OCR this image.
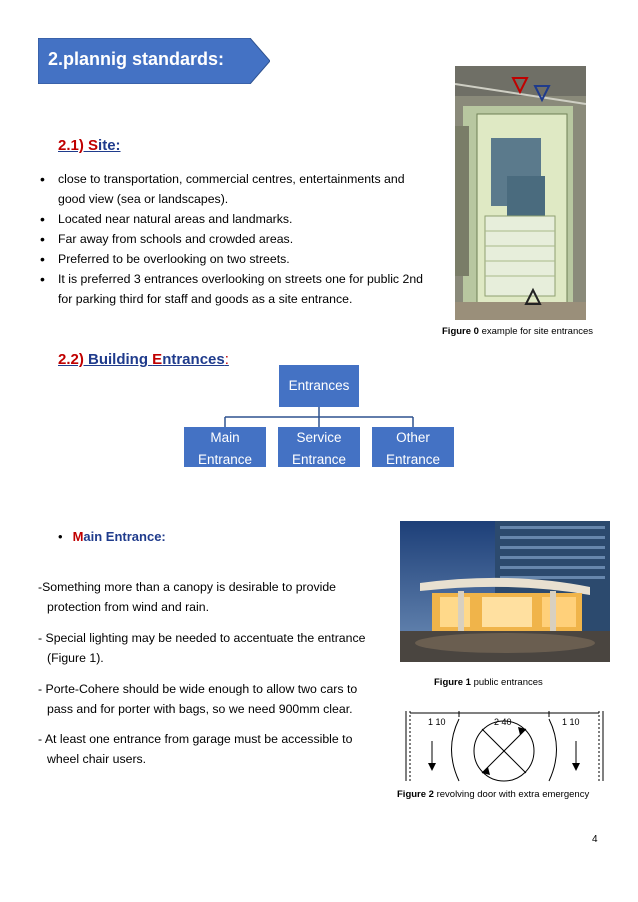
2.plannig standards:
2.1) Site:
• close to transportation, commercial centres, entertainments and
good view (sea or landscapes).
• Located near natural areas and landmarks.
• Far away from schools and crowded areas.
• Preferred to be overlooking on two streets.
• It is preferred 3 entrances overlooking on streets one for public 2nd
for parking third for staff and goods as a site entrance.
Figure 0 example for site entrances
2.2) Building Entrances:
Entrances
Main
Entrance
Service
Entrance
Other
Entrance
• Main Entrance:
-Something more than a canopy is desirable to provide
protection from wind and rain.
- Special lighting may be needed to accentuate the entrance
(Figure 1).
- Porte-Cohere should be wide enough to allow two cars to
pass and for porter with bags, so we need 900mm clear.
- At least one entrance from garage must be accessible to
wheel chair users.
Figure 1 public entrances
1 10	2 40	1 10
Figure 2 revolving door with extra emergency
4
